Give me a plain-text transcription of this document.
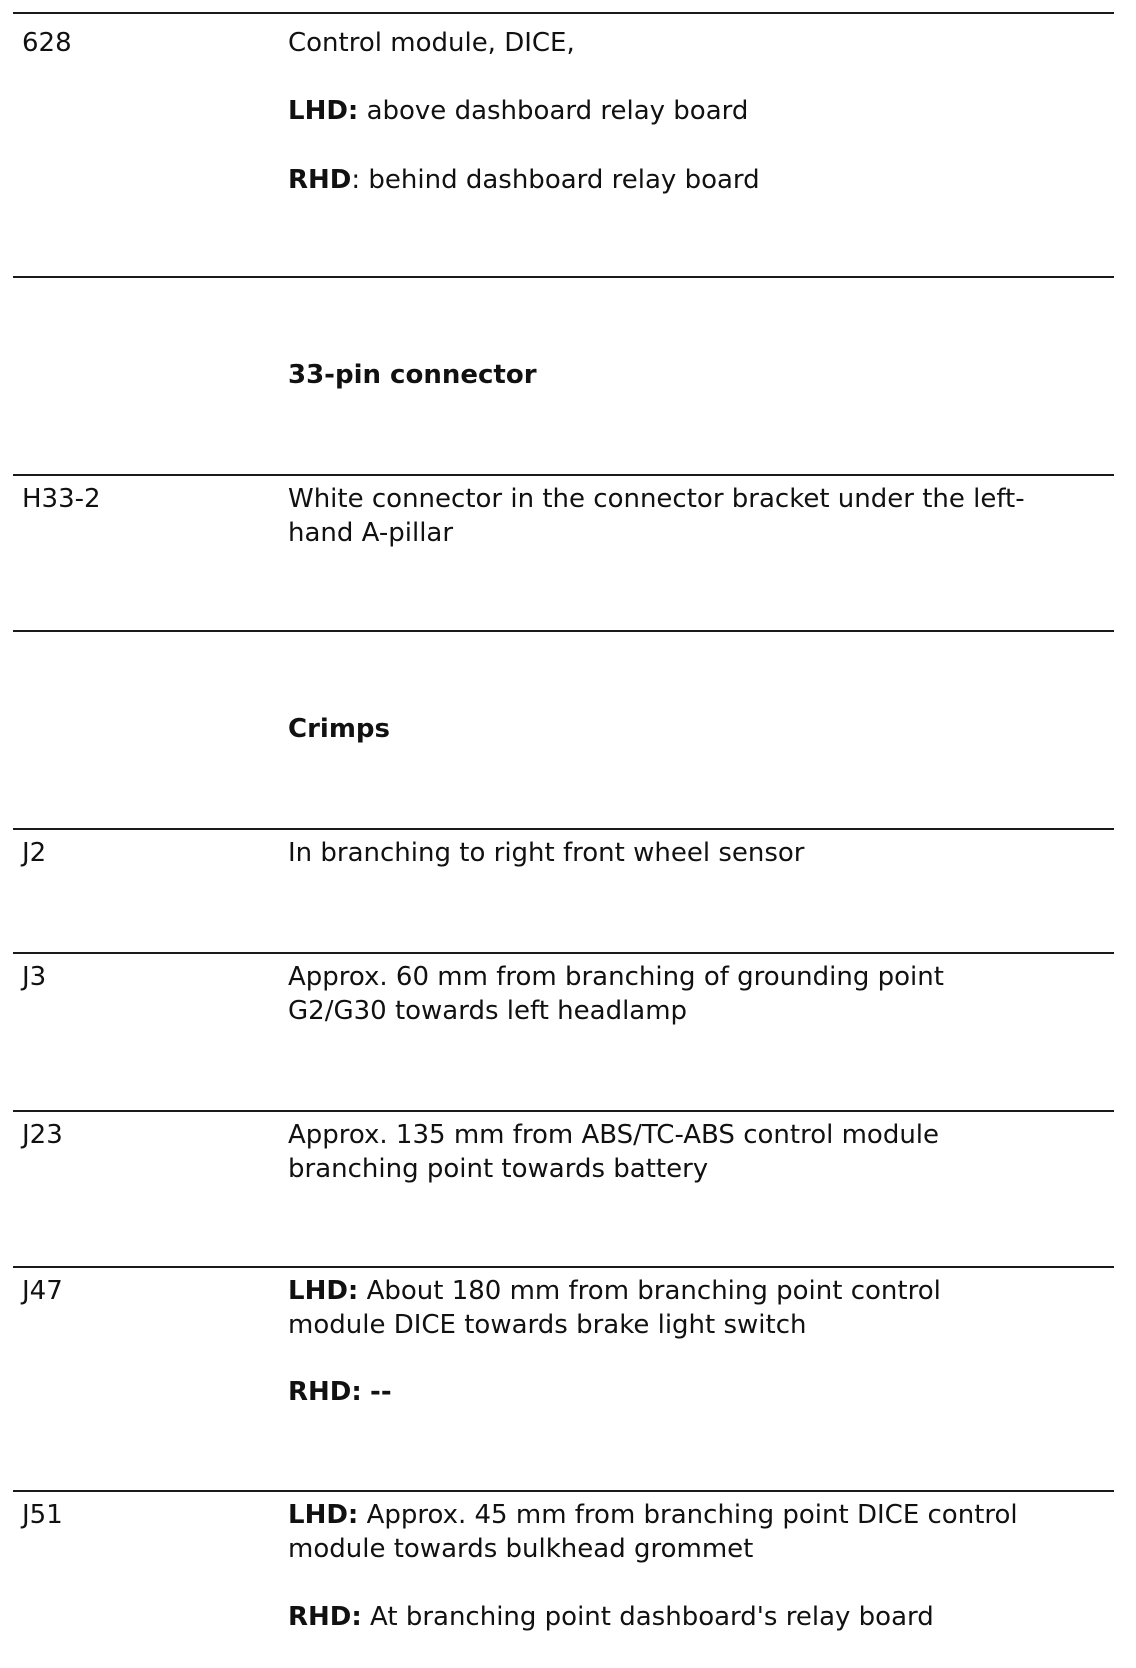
628	Control module, DICE,
LHD: above dashboard relay board
RHD: behind dashboard relay board
33-pin connector
H33-2	White connector in the connector bracket under the left-
hand A-pillar
Crimps
J2	In branching to right front wheel sensor
J3	Approx. 60 mm from branching of grounding point
G2/G30 towards left headlamp
J23	Approx. 135 mm from ABS/TC-ABS control module
branching point towards battery
J47	LHD: About 180 mm from branching point control
module DICE towards brake light switch
RHD: --
J51	LHD: Approx. 45 mm from branching point DICE control
module towards bulkhead grommet
RHD: At branching point dashboard's relay board
